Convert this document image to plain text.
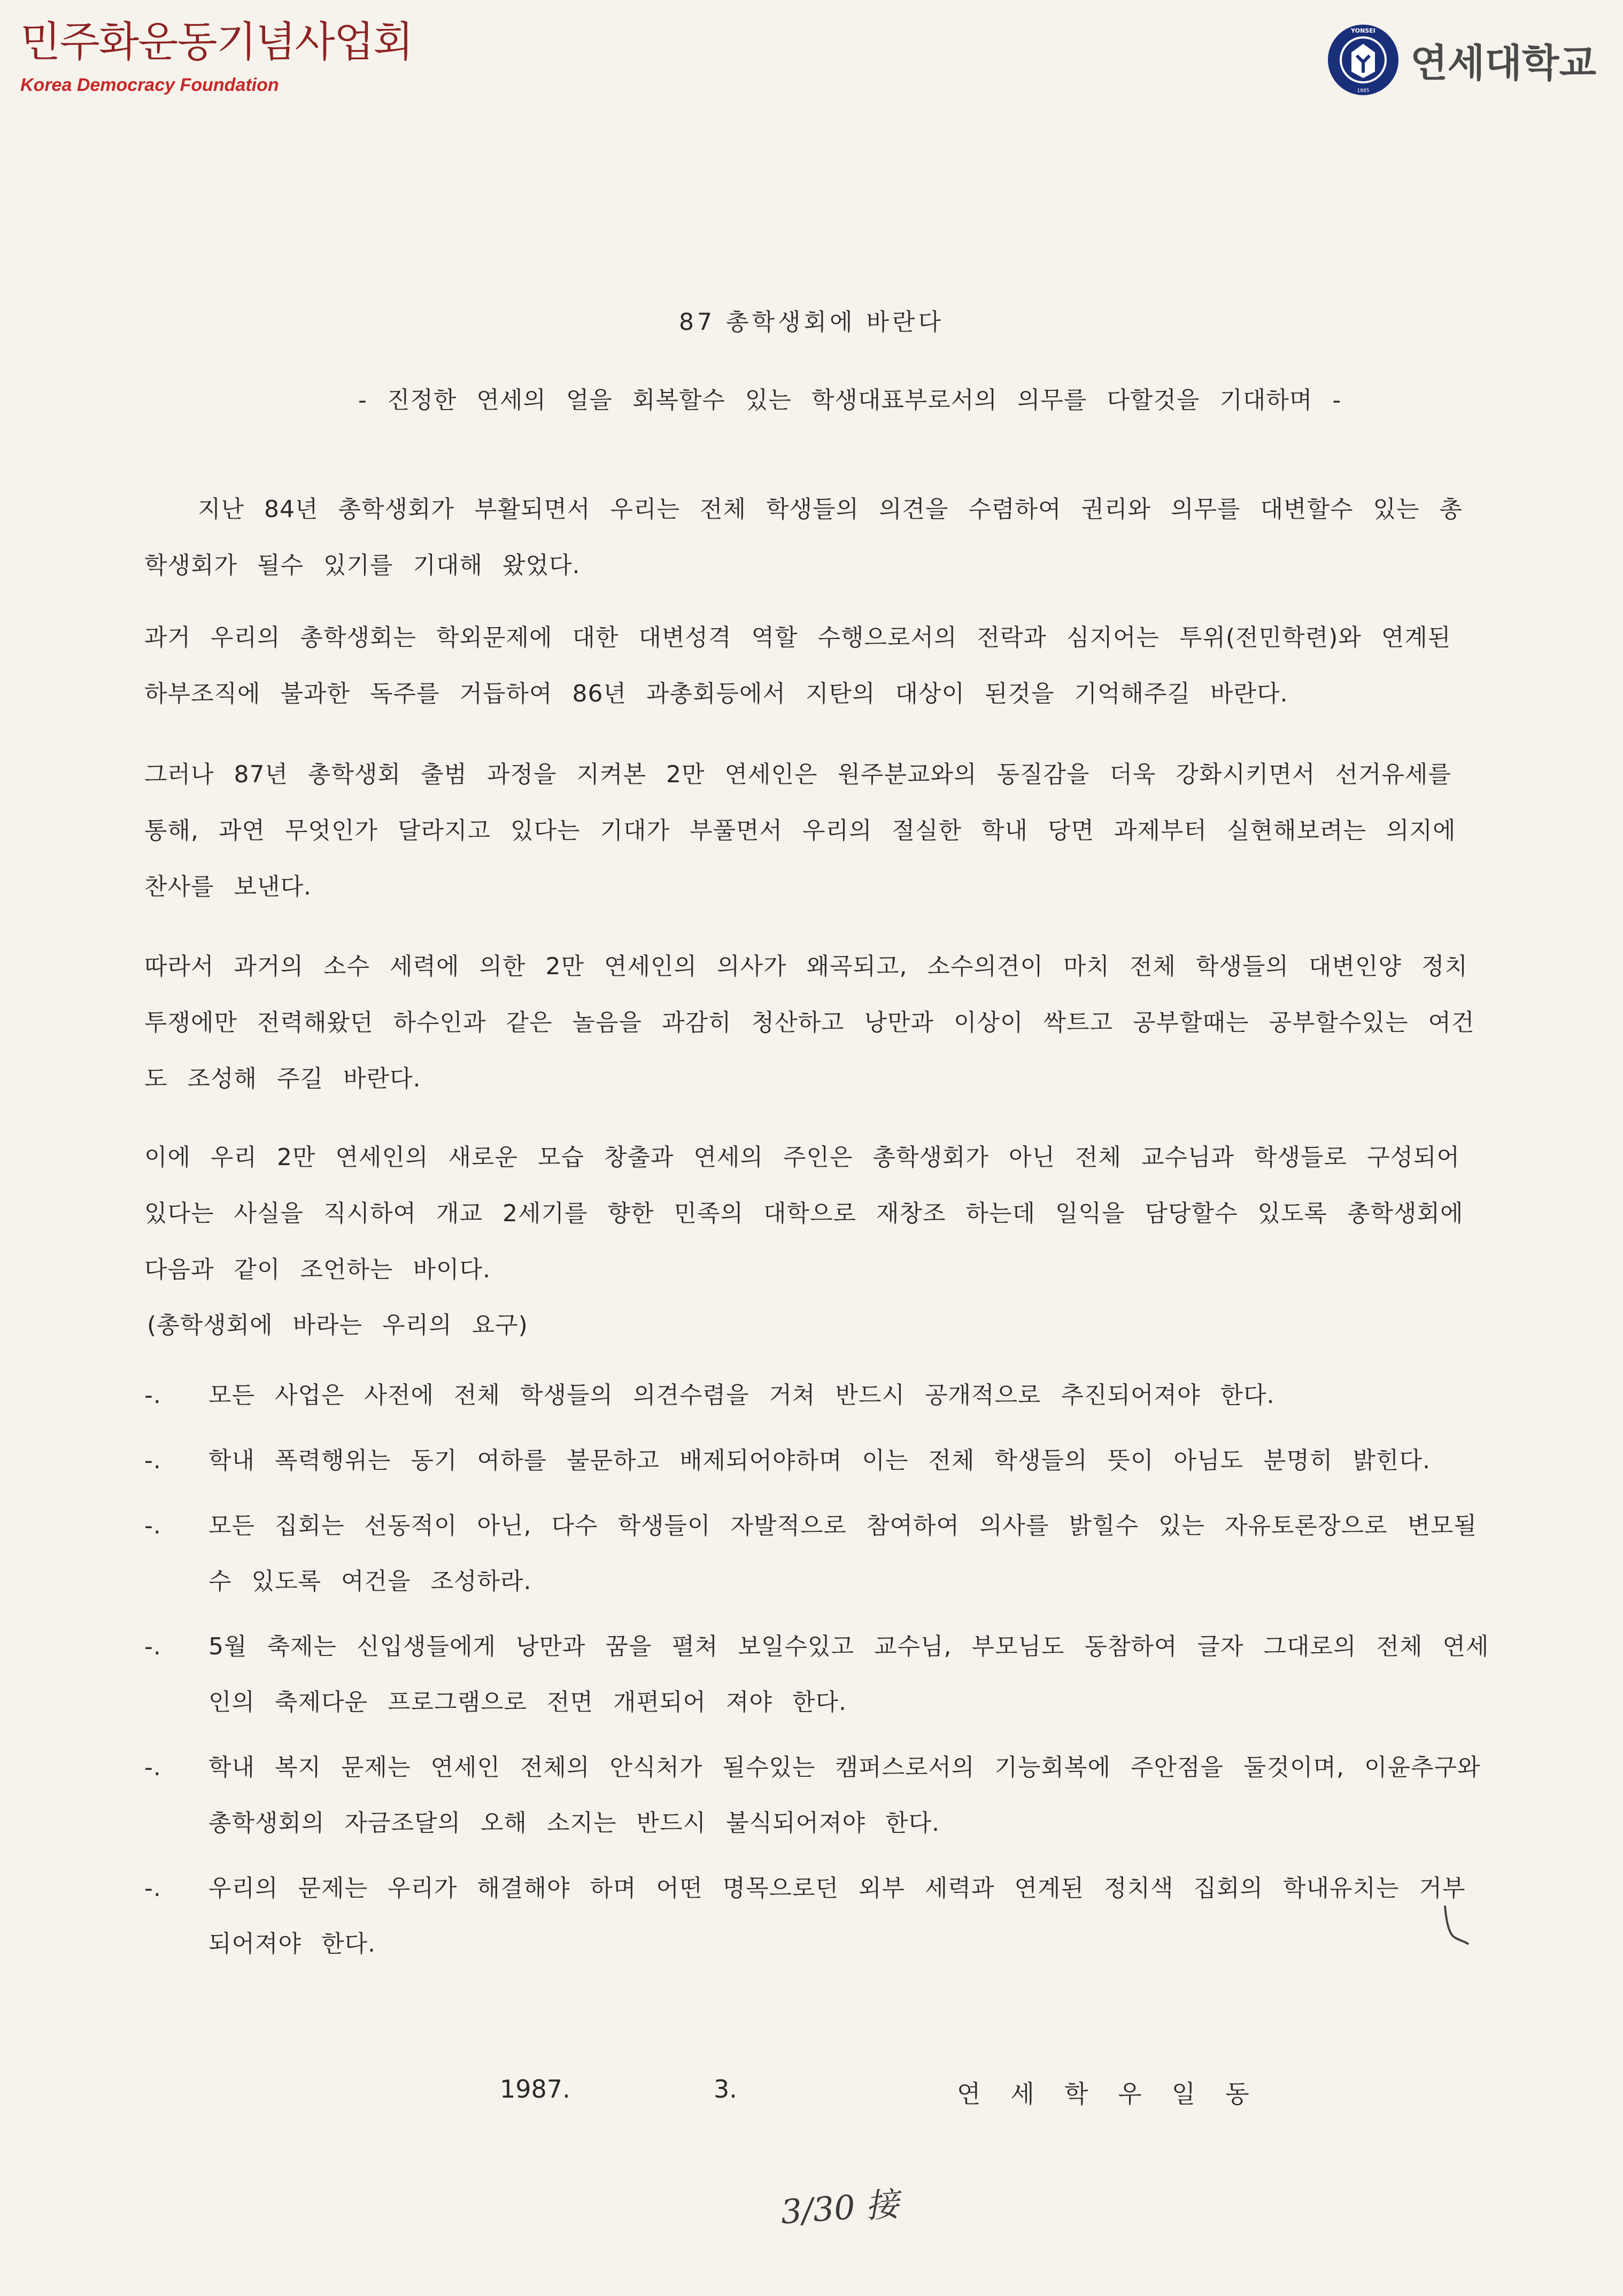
민주화운동기념사업회
Korea Democracy Foundation
YONSEI
1885
연세대학교
87 총학생회에 바란다
- 진정한 연세의 얼을 회복할수 있는 학생대표부로서의 의무를 다할것을 기대하며 -

지난 84년 총학생회가 부활되면서 우리는 전체 학생들의 의견을 수렴하여 권리와 의무를 대변할수 있는 총학생회가 될수 있기를 기대해 왔었다.

과거 우리의 총학생회는 학외문제에 대한 대변성격 역할 수행으로서의 전락과 심지어는 투위(전민학련)와 연계된 하부조직에 불과한 독주를 거듭하여 86년 과총회등에서 지탄의 대상이 된것을 기억해주길 바란다.

그러나 87년 총학생회 출범 과정을 지켜본 2만 연세인은 원주분교와의 동질감을 더욱 강화시키면서 선거유세를 통해, 과연 무엇인가 달라지고 있다는 기대가 부풀면서 우리의 절실한 학내 당면 과제부터 실현해보려는 의지에 찬사를 보낸다.

따라서 과거의 소수 세력에 의한 2만 연세인의 의사가 왜곡되고, 소수의견이 마치 전체 학생들의 대변인양 정치 투쟁에만 전력해왔던 하수인과 같은 놀음을 과감히 청산하고 낭만과 이상이 싹트고 공부할때는 공부할수있는 여건도 조성해 주길 바란다.

이에 우리 2만 연세인의 새로운 모습 창출과 연세의 주인은 총학생회가 아닌 전체 교수님과 학생들로 구성되어 있다는 사실을 직시하여 개교 2세기를 향한 민족의 대학으로 재창조 하는데 일익을 담당할수 있도록 총학생회에 다음과 같이 조언하는 바이다.

(총학생회에 바라는 우리의 요구)

-. 모든 사업은 사전에 전체 학생들의 의견수렴을 거쳐 반드시 공개적으로 추진되어져야 한다.
-. 학내 폭력행위는 동기 여하를 불문하고 배제되어야하며 이는 전체 학생들의 뜻이 아님도 분명히 밝힌다.
-. 모든 집회는 선동적이 아닌, 다수 학생들이 자발적으로 참여하여 의사를 밝힐수 있는 자유토론장으로 변모될수 있도록 여건을 조성하라.
-. 5월 축제는 신입생들에게 낭만과 꿈을 펼쳐 보일수있고 교수님, 부모님도 동참하여 글자 그대로의 전체 연세인의 축제다운 프로그램으로 전면 개편되어 져야 한다.
-. 학내 복지 문제는 연세인 전체의 안식처가 될수있는 캠퍼스로서의 기능회복에 주안점을 둘것이며, 이윤추구와 총학생회의 자금조달의 오해 소지는 반드시 불식되어져야 한다.
-. 우리의 문제는 우리가 해결해야 하며 어떤 명목으로던 외부 세력과 연계된 정치색 집회의 학내유치는 거부 되어져야 한다.
1987.	3.	연세학우일동
3/30 接
